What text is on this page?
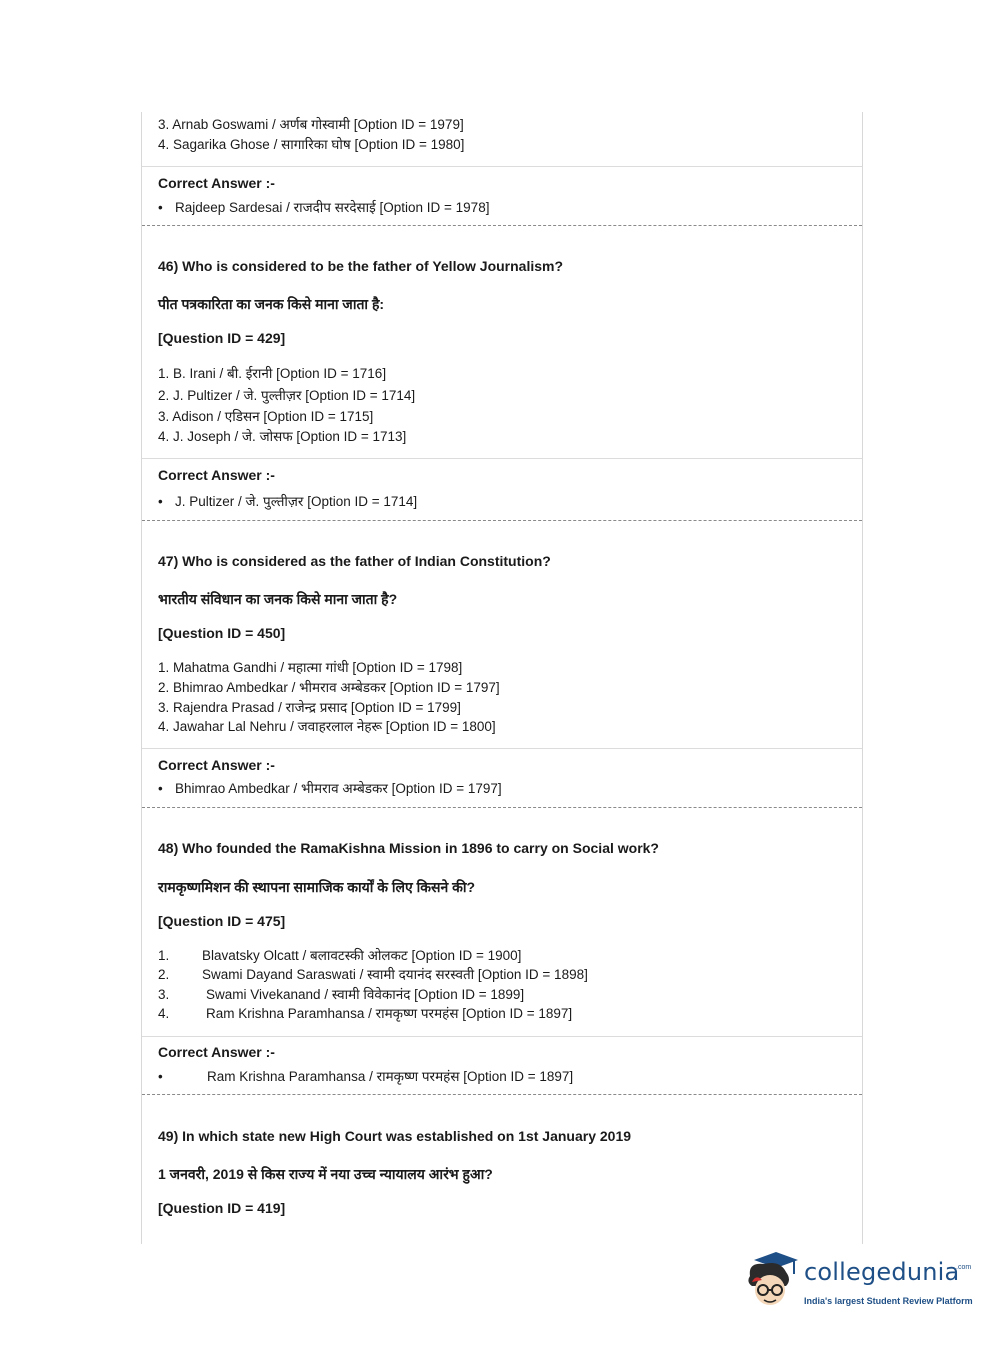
3. Arnab Goswami / अर्णब गोस्वामी [Option ID = 1979]
4. Sagarika Ghose / सागारिका घोष [Option ID = 1980]
Correct Answer :-
• Rajdeep Sardesai / राजदीप सरदेसाई [Option ID = 1978]
46) Who is considered to be the father of Yellow Journalism?
पीत पत्रकारिता का जनक किसे माना जाता है:
[Question ID = 429]
1. B. Irani / बी. ईरानी [Option ID = 1716]
2. J. Pultizer / जे. पुल्तीज़र [Option ID = 1714]
3. Adison / एडिसन [Option ID = 1715]
4. J. Joseph / जे. जोसफ [Option ID = 1713]
Correct Answer :-
• J. Pultizer / जे. पुल्तीज़र [Option ID = 1714]
47) Who is considered as the father of Indian Constitution?
भारतीय संविधान का जनक किसे माना जाता है?
[Question ID = 450]
1. Mahatma Gandhi / महात्मा गांधी [Option ID = 1798]
2. Bhimrao Ambedkar / भीमराव अम्बेडकर [Option ID = 1797]
3. Rajendra Prasad / राजेन्द्र प्रसाद [Option ID = 1799]
4. Jawahar Lal Nehru / जवाहरलाल नेहरू [Option ID = 1800]
Correct Answer :-
• Bhimrao Ambedkar / भीमराव अम्बेडकर [Option ID = 1797]
48) Who founded the RamaKishna Mission in 1896 to carry on Social work?
रामकृष्णमिशन की स्थापना सामाजिक कार्यों के लिए किसने की?
[Question ID = 475]
1. Blavatsky Olcatt / बलावटस्की ओलकट [Option ID = 1900]
2. Swami Dayand Saraswati / स्वामी दयानंद सरस्वती [Option ID = 1898]
3.	Swami Vivekanand / स्वामी विवेकानंद [Option ID = 1899]
4.	Ram Krishna Paramhansa / रामकृष्ण परमहंस [Option ID = 1897]
Correct Answer :-
•	Ram Krishna Paramhansa / रामकृष्ण परमहंस [Option ID = 1897]
49) In which state new High Court was established on 1st January 2019
1 जनवरी, 2019 से किस राज्य में नया उच्च न्यायालय आरंभ हुआ?
[Question ID = 419]
collegedunia
.com
India's largest Student Review Platform
